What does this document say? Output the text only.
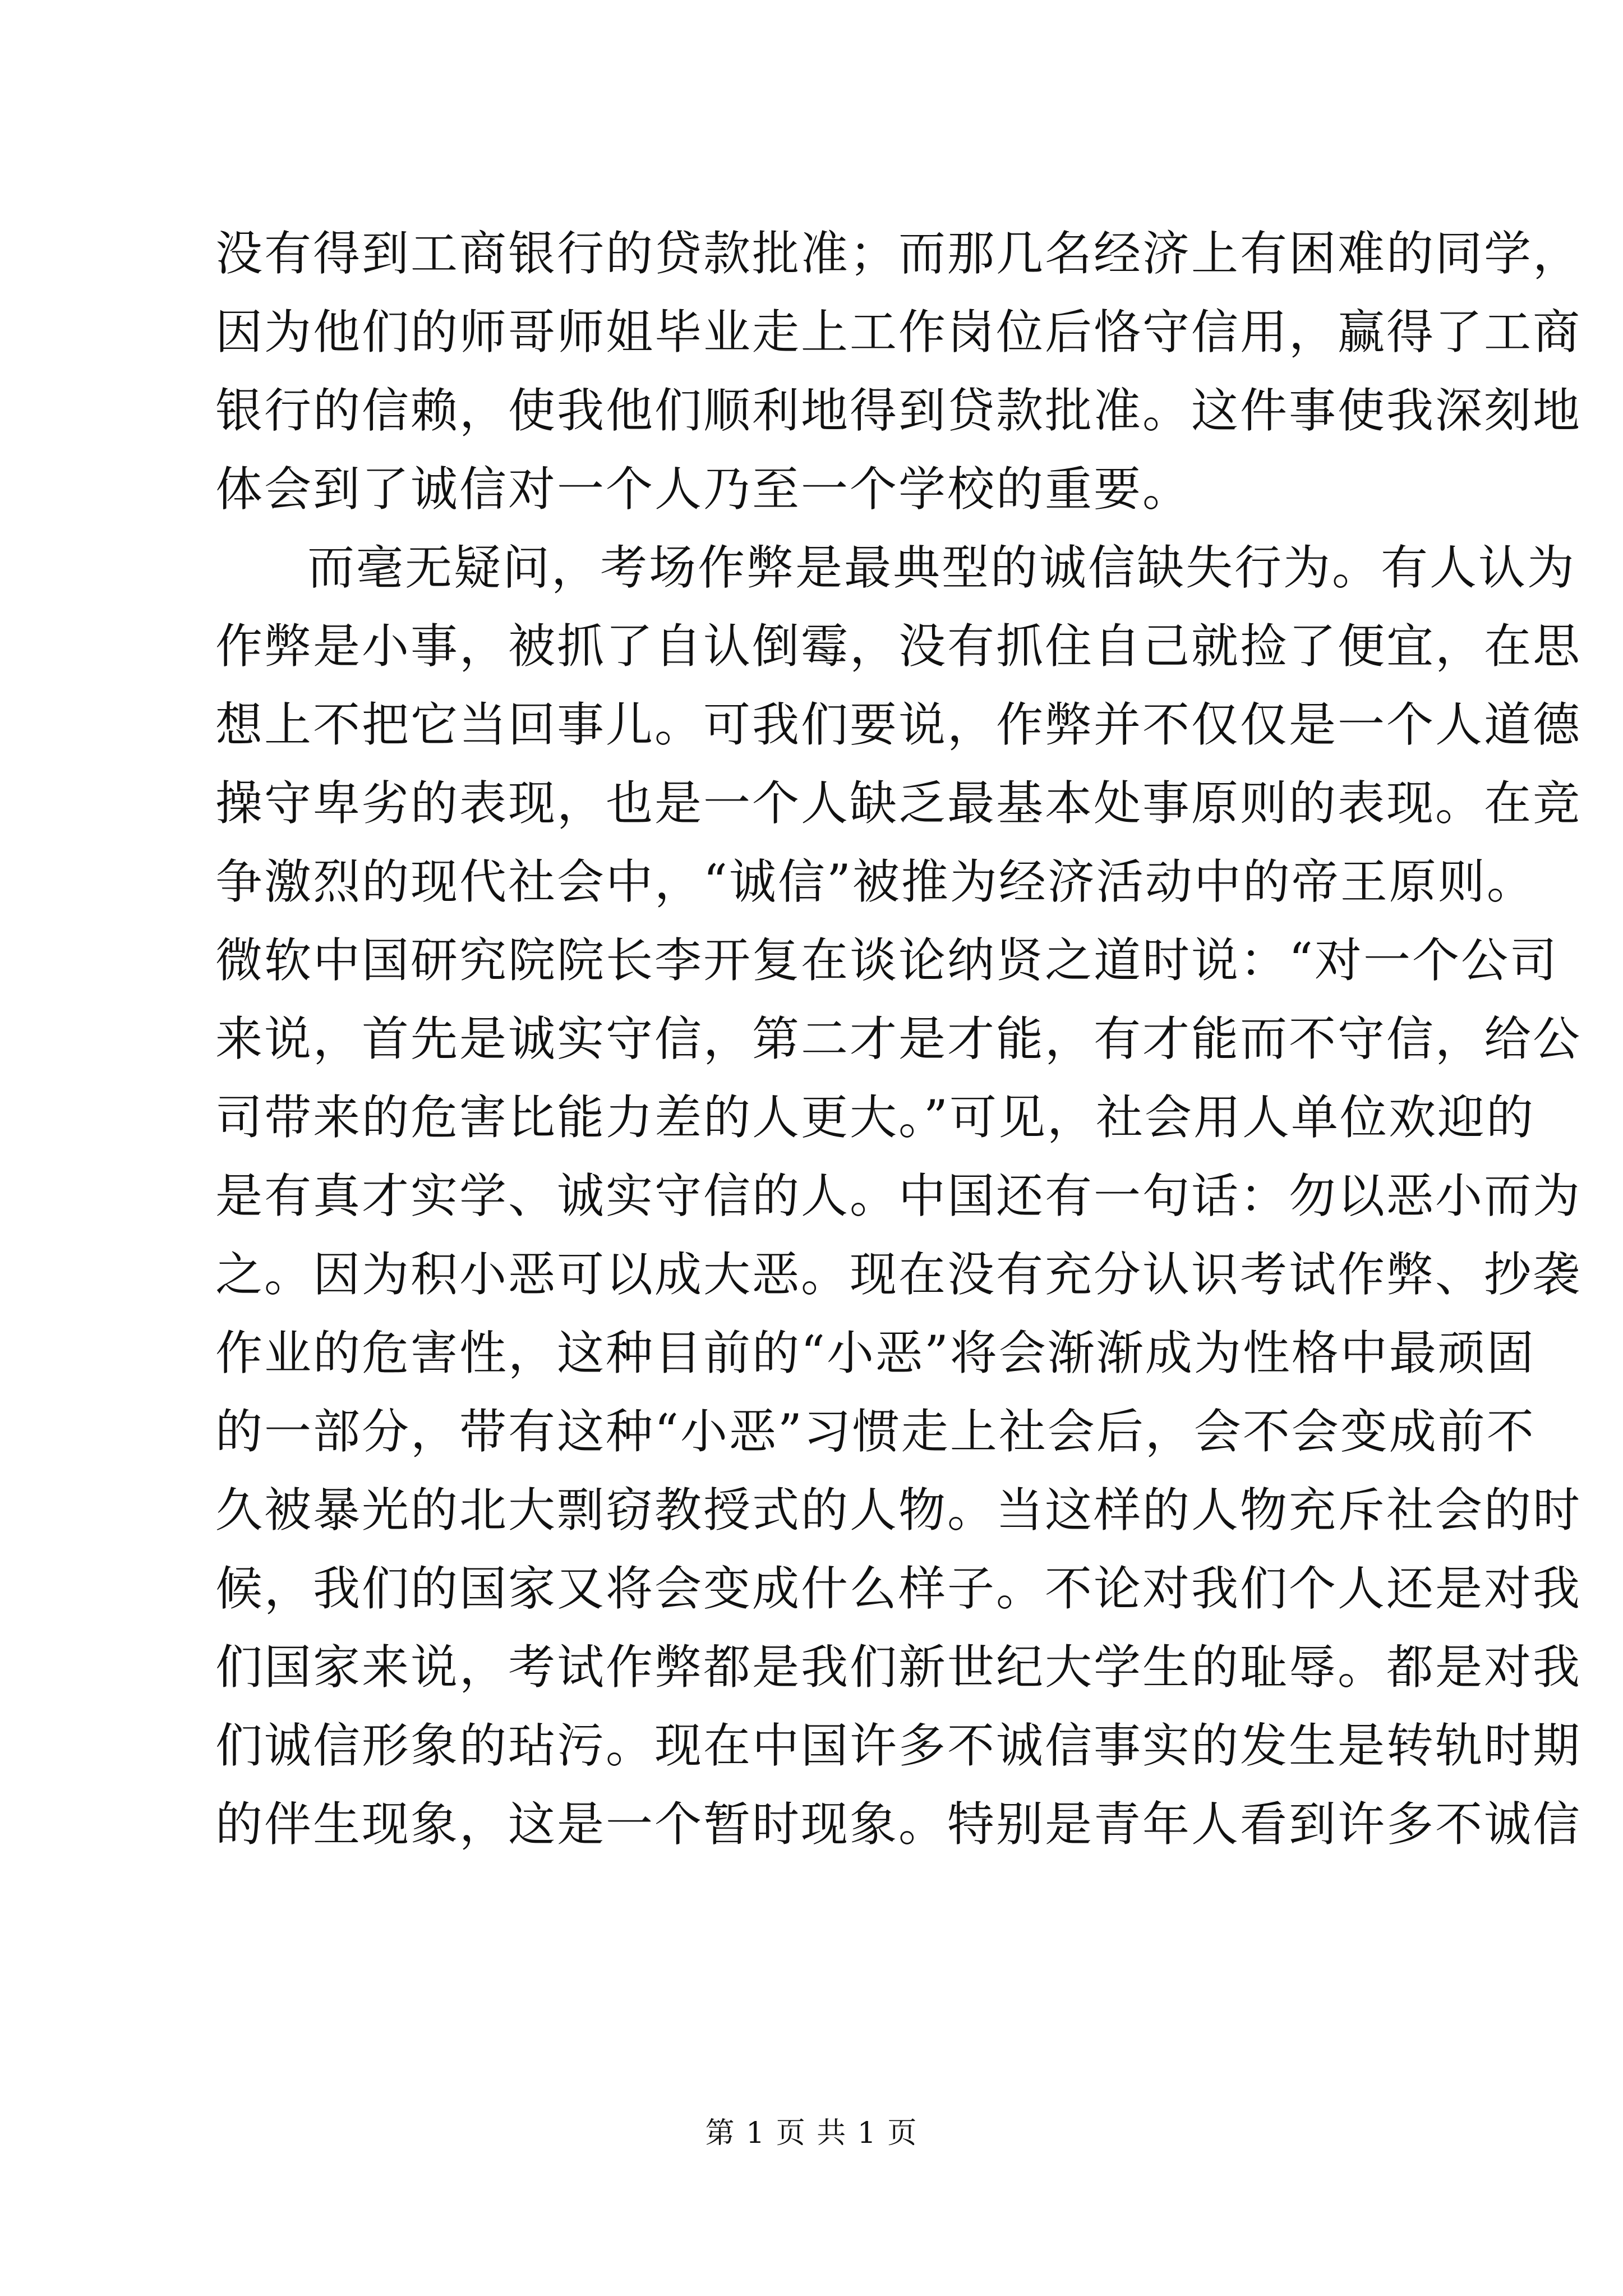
没有得到工商银行的贷款批准；而那几名经济上有困难的同学，
因为他们的师哥师姐毕业走上工作岗位后恪守信用，赢得了工商
银行的信赖，使我他们顺利地得到贷款批准。这件事使我深刻地
体会到了诚信对一个人乃至一个学校的重要。
而毫无疑问，考场作弊是最典型的诚信缺失行为。有人认为
作弊是小事，被抓了自认倒霉，没有抓住自己就捡了便宜，在思
想上不把它当回事儿。可我们要说，作弊并不仅仅是一个人道德
操守卑劣的表现，也是一个人缺乏最基本处事原则的表现。在竞
争激烈的现代社会中，“诚信”被推为经济活动中的帝王原则。
微软中国研究院院长李开复在谈论纳贤之道时说：“对一个公司
来说，首先是诚实守信，第二才是才能，有才能而不守信，给公
司带来的危害比能力差的人更大。”可见，社会用人单位欢迎的
是有真才实学、诚实守信的人。中国还有一句话：勿以恶小而为
之。因为积小恶可以成大恶。现在没有充分认识考试作弊、抄袭
作业的危害性，这种目前的“小恶”将会渐渐成为性格中最顽固
的一部分，带有这种“小恶”习惯走上社会后，会不会变成前不
久被暴光的北大剽窃教授式的人物。当这样的人物充斥社会的时
候，我们的国家又将会变成什么样子。不论对我们个人还是对我
们国家来说，考试作弊都是我们新世纪大学生的耻辱。都是对我
们诚信形象的玷污。现在中国许多不诚信事实的发生是转轨时期
的伴生现象，这是一个暂时现象。特别是青年人看到许多不诚信
第 1 页 共 1 页
